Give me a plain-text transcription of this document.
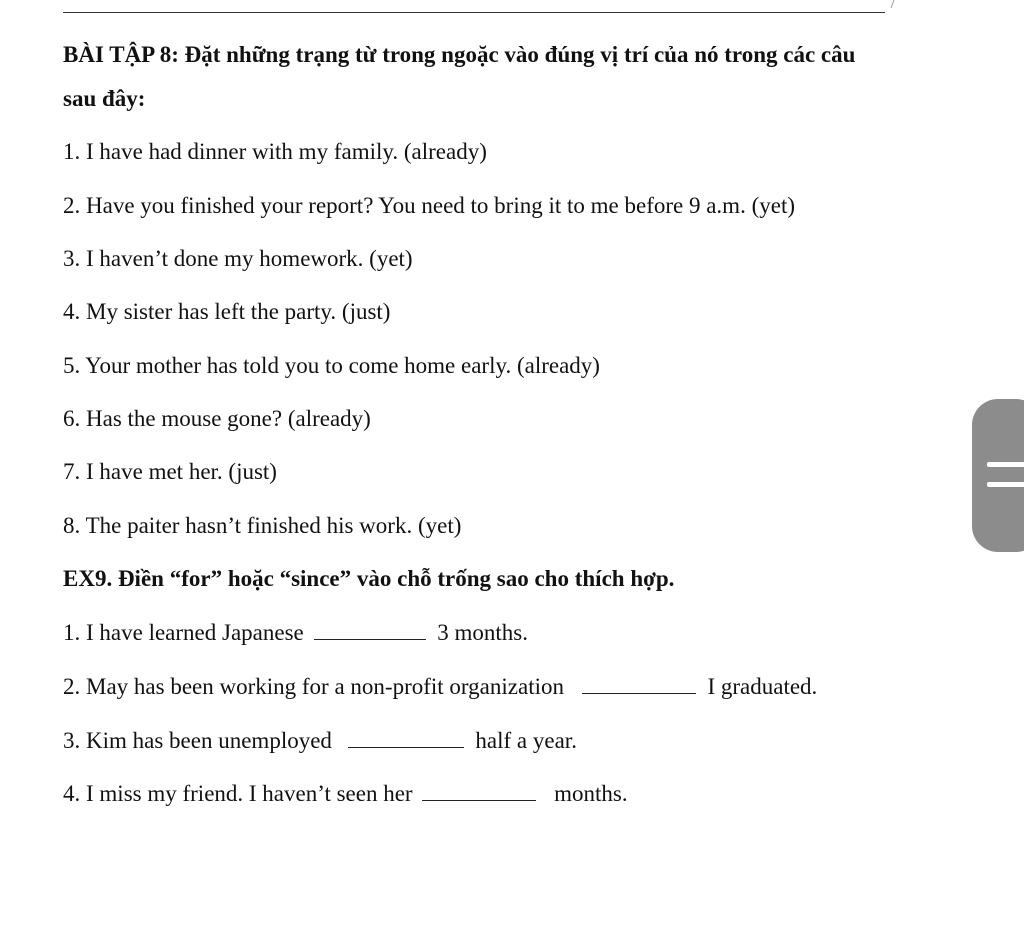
BÀI TẬP 8: Đặt những trạng từ trong ngoặc vào đúng vị trí của nó trong các câu
sau đây:
1. I have had dinner with my family. (already)
2. Have you finished your report? You need to bring it to me before 9 a.m. (yet)
3. I haven’t done my homework. (yet)
4. My sister has left the party. (just)
5. Your mother has told you to come home early. (already)
6. Has the mouse gone? (already)
7. I have met her. (just)
8. The paiter hasn’t finished his work. (yet)
EX9. Điền “for” hoặc “since” vào chỗ trống sao cho thích hợp.
1. I have learned Japanese	3 months.
2. May has been working for a non-profit organization	I graduated.
3. Kim has been unemployed	half a year.
4. I miss my friend. I haven’t seen her	months.
